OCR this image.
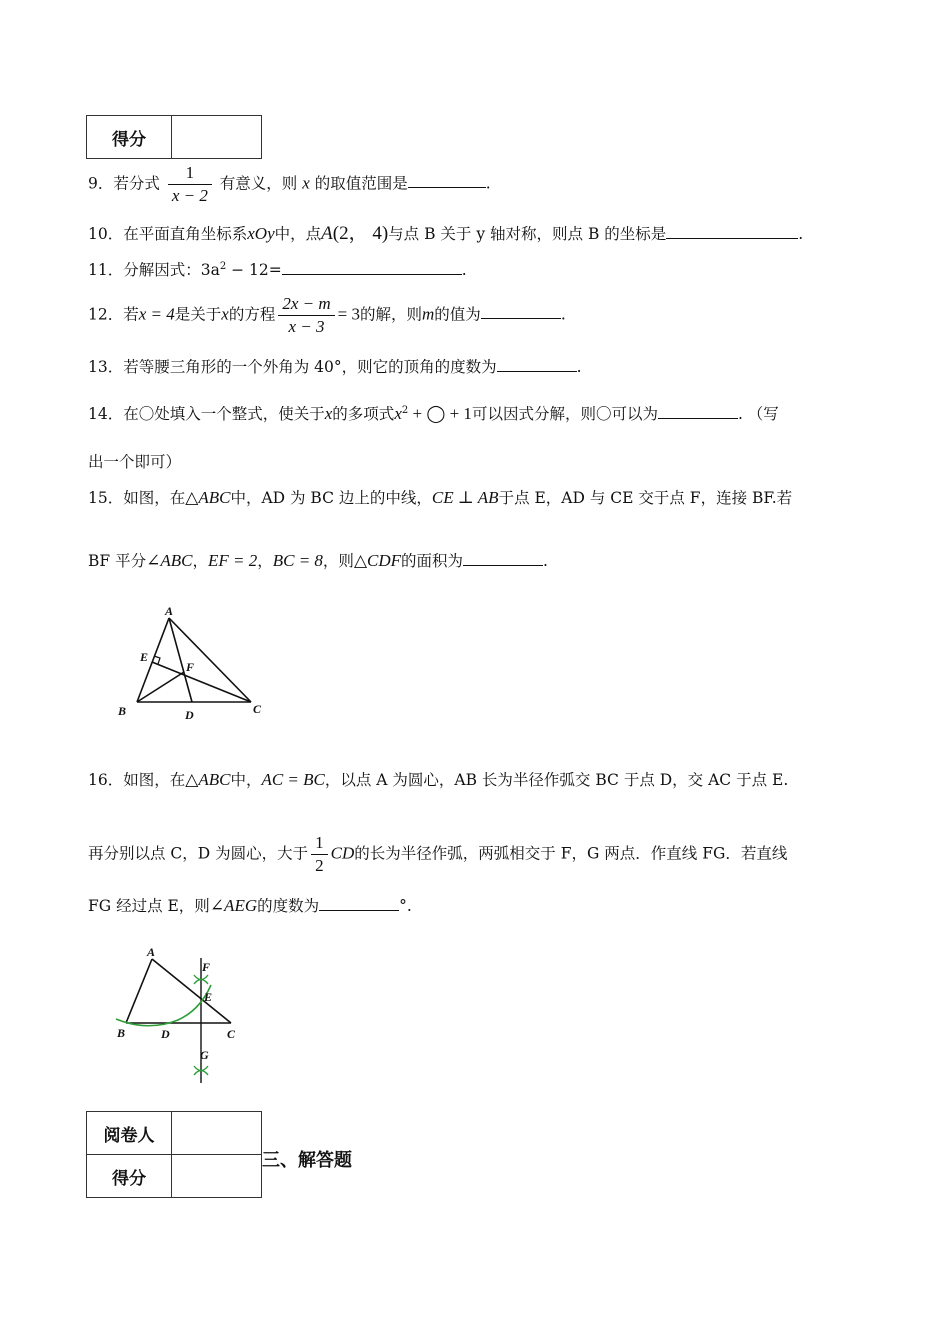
得分	
9．若分式 $\frac{1}{x - 2}$ 有意义，则 x 的取值范围是	.
10．在平面直角坐标系xOy中，点A(2， 4)与点 B 关于 y 轴对称，则点 B 的坐标是	.
11．分解因式：$3a^2 - 12=$	.
12．若x = 4是关于x的方程 $\frac{2x - m}{x - 3} = 3$的解，则m的值为	.
13．若等腰三角形的一个外角为 40°，则它的顶角的度数为	.
14．在〇处填入一个整式，使关于x的多项式$x^2$ + ◯ + 1可以因式分解，则〇可以为	. （写
出一个即可）
15．如图，在△ABC中，AD 为 BC 边上的中线，CE ⊥ AB于点 E，AD 与 CE 交于点 F，连接 BF.若
BF 平分∠ABC，EF = 2，BC = 8，则△CDF的面积为	.
A
E
F
B	D	C
16．如图，在△ABC中，AC = BC，以点 A 为圆心，AB 长为半径作弧交 BC 于点 D，交 AC 于点 E.
再分别以点 C，D 为圆心，大于 $\frac{1}{2}$ CD的长为半径作弧，两弧相交于 F，G 两点．作直线 FG．若直线
FG 经过点 E，则∠AEG的度数为	°.
A
F
E
B	D	C
G
阅卷人	
得分	
三、解答题
